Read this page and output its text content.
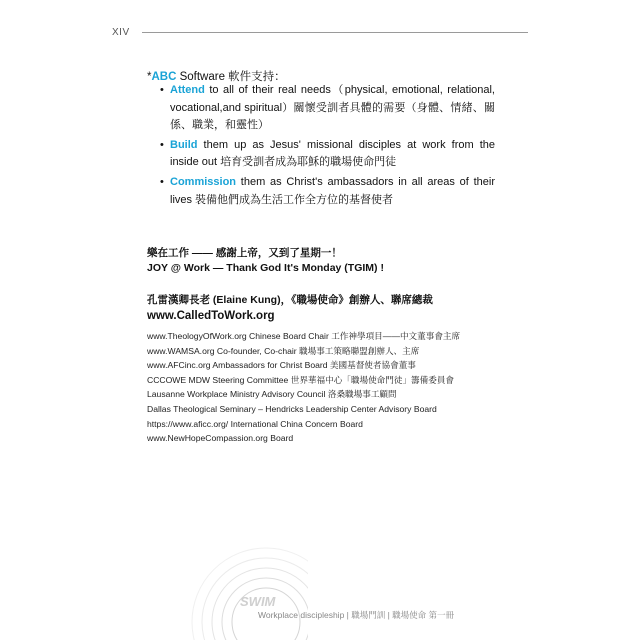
XIV
*ABC Software 軟件支持：
• Attend to all of their real needs（physical, emotional, relational, vocational,and spiritual）關懷受訓者具體的需要（身體、情緒、關係、職業，和靈性）
• Build them up as Jesus' missional disciples at work from the inside out 培育受訓者成為耶穌的職場使命門徒
• Commission them as Christ's ambassadors in all areas of their lives 裝備他們成為生活工作全方位的基督使者
樂在工作 —— 感謝上帝，又到了星期一！
JOY @ Work — Thank God It's Monday (TGIM) !
孔雷漢卿長老 (Elaine Kung)，《職場使命》創辦人、聯席總裁
www.CalledToWork.org
www.TheologyOfWork.org Chinese Board Chair 工作神學項目——中文董事會主席
www.WAMSA.org Co-founder, Co-chair 職場事工策略聯盟創辦人、主席
www.AFCinc.org Ambassadors for Christ Board 美國基督使者協會董事
CCCOWE MDW Steering Committee 世界華福中心「職場使命門徒」籌備委員會
Lausanne Workplace Ministry Advisory Council 洛桑職場事工顧問
Dallas Theological Seminary – Hendricks Leadership Center Advisory Board
https://www.aficc.org/ International China Concern Board
www.NewHopeCompassion.org Board
SWIM
Workplace discipleship | 職場門訓 | 職場使命 第一冊
